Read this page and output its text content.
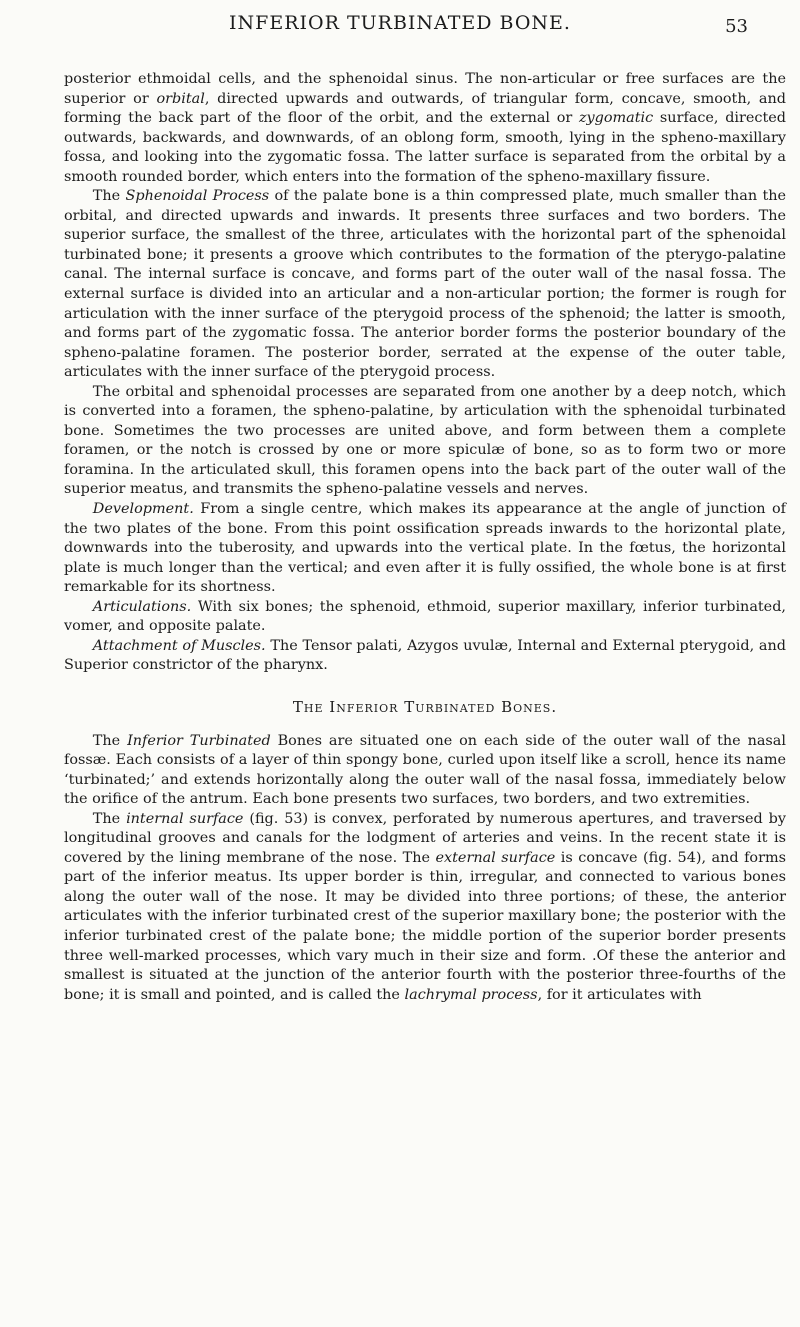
INFERIOR TURBINATED BONE.	53

posterior ethmoidal cells, and the sphenoidal sinus. The non-articular or free surfaces are the superior or orbital, directed upwards and outwards, of triangular form, concave, smooth, and forming the back part of the floor of the orbit, and the external or zygomatic surface, directed outwards, backwards, and downwards, of an oblong form, smooth, lying in the spheno-maxillary fossa, and looking into the zygomatic fossa. The latter surface is separated from the orbital by a smooth rounded border, which enters into the formation of the spheno-maxillary fissure.

The Sphenoidal Process of the palate bone is a thin compressed plate, much smaller than the orbital, and directed upwards and inwards. It presents three surfaces and two borders. The superior surface, the smallest of the three, articulates with the horizontal part of the sphenoidal turbinated bone; it presents a groove which contributes to the formation of the pterygo-palatine canal. The internal surface is concave, and forms part of the outer wall of the nasal fossa. The external surface is divided into an articular and a non-articular portion; the former is rough for articulation with the inner surface of the pterygoid process of the sphenoid; the latter is smooth, and forms part of the zygomatic fossa. The anterior border forms the posterior boundary of the spheno-palatine foramen. The posterior border, serrated at the expense of the outer table, articulates with the inner surface of the pterygoid process.

The orbital and sphenoidal processes are separated from one another by a deep notch, which is converted into a foramen, the spheno-palatine, by articulation with the sphenoidal turbinated bone. Sometimes the two processes are united above, and form between them a complete foramen, or the notch is crossed by one or more spiculæ of bone, so as to form two or more foramina. In the articulated skull, this foramen opens into the back part of the outer wall of the superior meatus, and transmits the spheno-palatine vessels and nerves.

Development. From a single centre, which makes its appearance at the angle of junction of the two plates of the bone. From this point ossification spreads inwards to the horizontal plate, downwards into the tuberosity, and upwards into the vertical plate. In the fœtus, the horizontal plate is much longer than the vertical; and even after it is fully ossified, the whole bone is at first remarkable for its shortness.

Articulations. With six bones; the sphenoid, ethmoid, superior maxillary, inferior turbinated, vomer, and opposite palate.

Attachment of Muscles. The Tensor palati, Azygos uvulæ, Internal and External pterygoid, and Superior constrictor of the pharynx.

The Inferior Turbinated Bones.

The Inferior Turbinated Bones are situated one on each side of the outer wall of the nasal fossæ. Each consists of a layer of thin spongy bone, curled upon itself like a scroll, hence its name ‘turbinated;’ and extends horizontally along the outer wall of the nasal fossa, immediately below the orifice of the antrum. Each bone presents two surfaces, two borders, and two extremities.

The internal surface (fig. 53) is convex, perforated by numerous apertures, and traversed by longitudinal grooves and canals for the lodgment of arteries and veins. In the recent state it is covered by the lining membrane of the nose. The external surface is concave (fig. 54), and forms part of the inferior meatus. Its upper border is thin, irregular, and connected to various bones along the outer wall of the nose. It may be divided into three portions; of these, the anterior articulates with the inferior turbinated crest of the superior maxillary bone; the posterior with the inferior turbinated crest of the palate bone; the middle portion of the superior border presents three well-marked processes, which vary much in their size and form. .Of these the anterior and smallest is situated at the junction of the anterior fourth with the posterior three-fourths of the bone; it is small and pointed, and is called the lachrymal process, for it articulates with
